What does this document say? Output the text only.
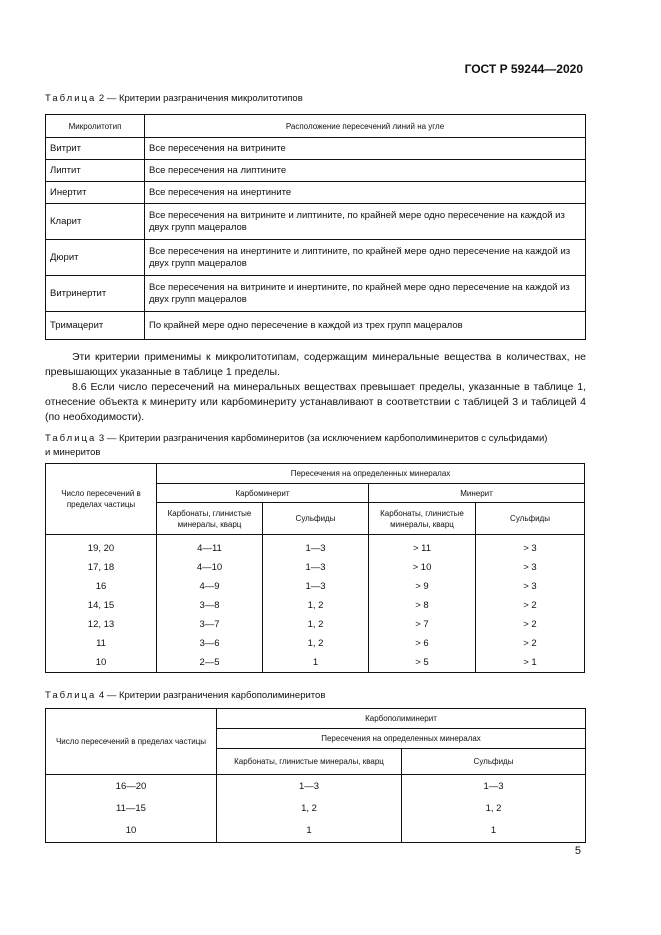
ГОСТ Р 59244—2020
Таблица 2 — Критерии разграничения микролитотипов
Микролитотип	Расположение пересечений линий на угле
Витрит	Все пересечения на витрините
Липтит	Все пересечения на липтините
Инертит	Все пересечения на инертините
Кларит	Все пересечения на витрините и липтините, по крайней мере одно пересечение на каждой из двух групп мацералов
Дюрит	Все пересечения на инертините и липтините, по крайней мере одно пересечение на каждой из двух групп мацералов
Витринертит	Все пересечения на витрините и инертините, по крайней мере одно пересечение на каждой из двух групп мацералов
Тримацерит	По крайней мере одно пересечение в каждой из трех групп мацералов

Эти критерии применимы к микролитотипам, содержащим минеральные вещества в количествах, не превышающих указанные в таблице 1 пределы.

8.6 Если число пересечений на минеральных веществах превышает пределы, указанные в таблице 1, отнесение объекта к минериту или карбоминериту устанавливают в соответствии с таблицей 3 и таблицей 4 (по необходимости).

Таблица 3 — Критерии разграничения карбоминеритов (за исключением карбополиминеритов с сульфидами)
и минеритов
Число пересечений в пределах частицы	Пересечения на определенных минералах			
	Карбоминерит		Минерит	
	Карбонаты, глинистые минералы, кварц	Сульфиды	Карбонаты, глинистые минералы, кварц	Сульфиды
19, 20	4—11	1—3	> 11	> 3
17, 18	4—10	1—3	> 10	> 3
16	4—9	1—3	> 9	> 3
14, 15	3—8	1, 2	> 8	> 2
12, 13	3—7	1, 2	> 7	> 2
11	3—6	1, 2	> 6	> 2
10	2—5	1	> 5	> 1
Таблица 4 — Критерии разграничения карбополиминеритов
Число пересечений в пределах частицы	Карбополиминерит	
	Пересечения на определенных минералах	
	Карбонаты, глинистые минералы, кварц	Сульфиды
16—20	1—3	1—3
11—15	1, 2	1, 2
10	1	1
5
